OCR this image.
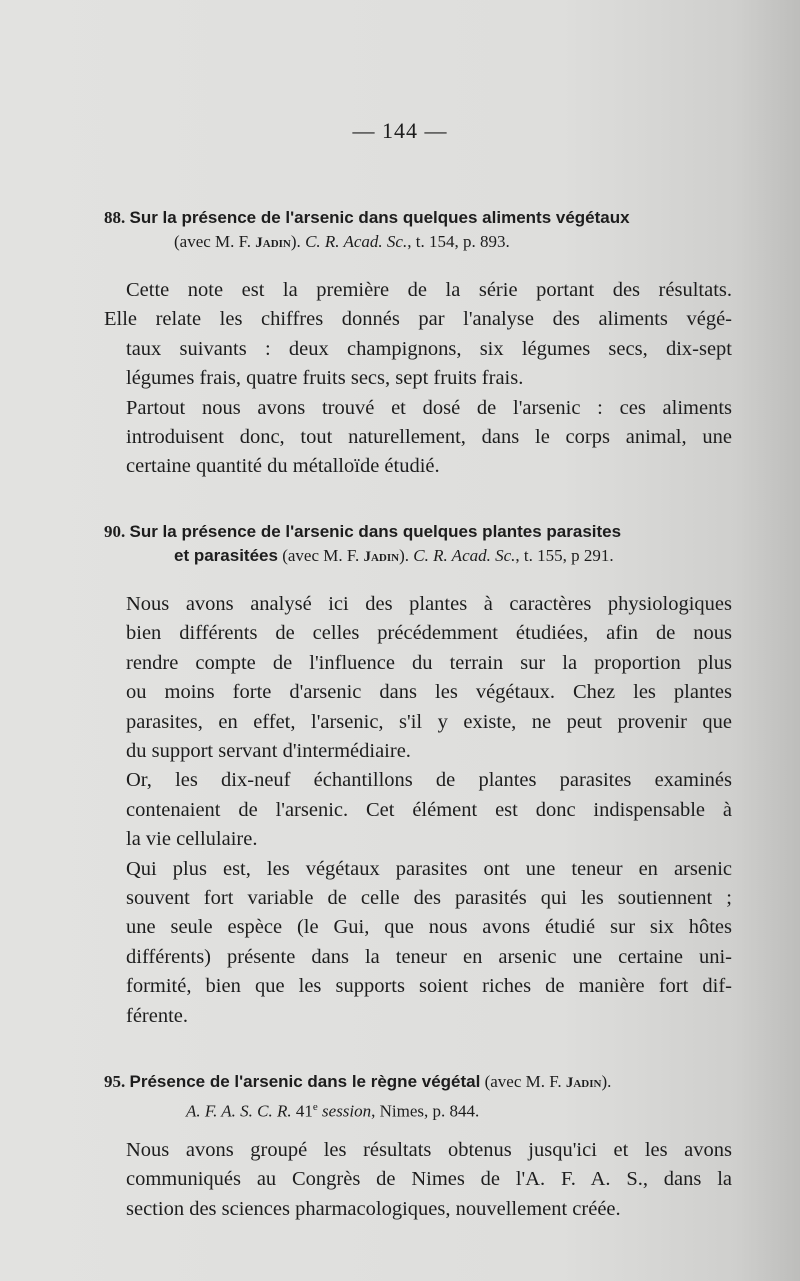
— 144 —
88. Sur la présence de l'arsenic dans quelques aliments végétaux
(avec M. F. Jadin). C. R. Acad. Sc., t. 154, p. 893.

Cette note est la première de la série portant des résultats.
Elle relate les chiffres donnés par l'analyse des aliments végé-
taux suivants : deux champignons, six légumes secs, dix-sept
légumes frais, quatre fruits secs, sept fruits frais.

Partout nous avons trouvé et dosé de l'arsenic : ces aliments
introduisent donc, tout naturellement, dans le corps animal, une
certaine quantité du métalloïde étudié.

90. Sur la présence de l'arsenic dans quelques plantes parasites
et parasitées (avec M. F. Jadin). C. R. Acad. Sc., t. 155, p 291.

Nous avons analysé ici des plantes à caractères physiologiques
bien différents de celles précédemment étudiées, afin de nous
rendre compte de l'influence du terrain sur la proportion plus
ou moins forte d'arsenic dans les végétaux. Chez les plantes
parasites, en effet, l'arsenic, s'il y existe, ne peut provenir que
du support servant d'intermédiaire.

Or, les dix-neuf échantillons de plantes parasites examinés
contenaient de l'arsenic. Cet élément est donc indispensable à
la vie cellulaire.

Qui plus est, les végétaux parasites ont une teneur en arsenic
souvent fort variable de celle des parasités qui les soutiennent ;
une seule espèce (le Gui, que nous avons étudié sur six hôtes
différents) présente dans la teneur en arsenic une certaine uni-
formité, bien que les supports soient riches de manière fort dif-
férente.

95. Présence de l'arsenic dans le règne végétal (avec M. F. Jadin).
A. F. A. S. C. R. 41e session, Nimes, p. 844.

Nous avons groupé les résultats obtenus jusqu'ici et les avons
communiqués au Congrès de Nimes de l'A. F. A. S., dans la
section des sciences pharmacologiques, nouvellement créée.
